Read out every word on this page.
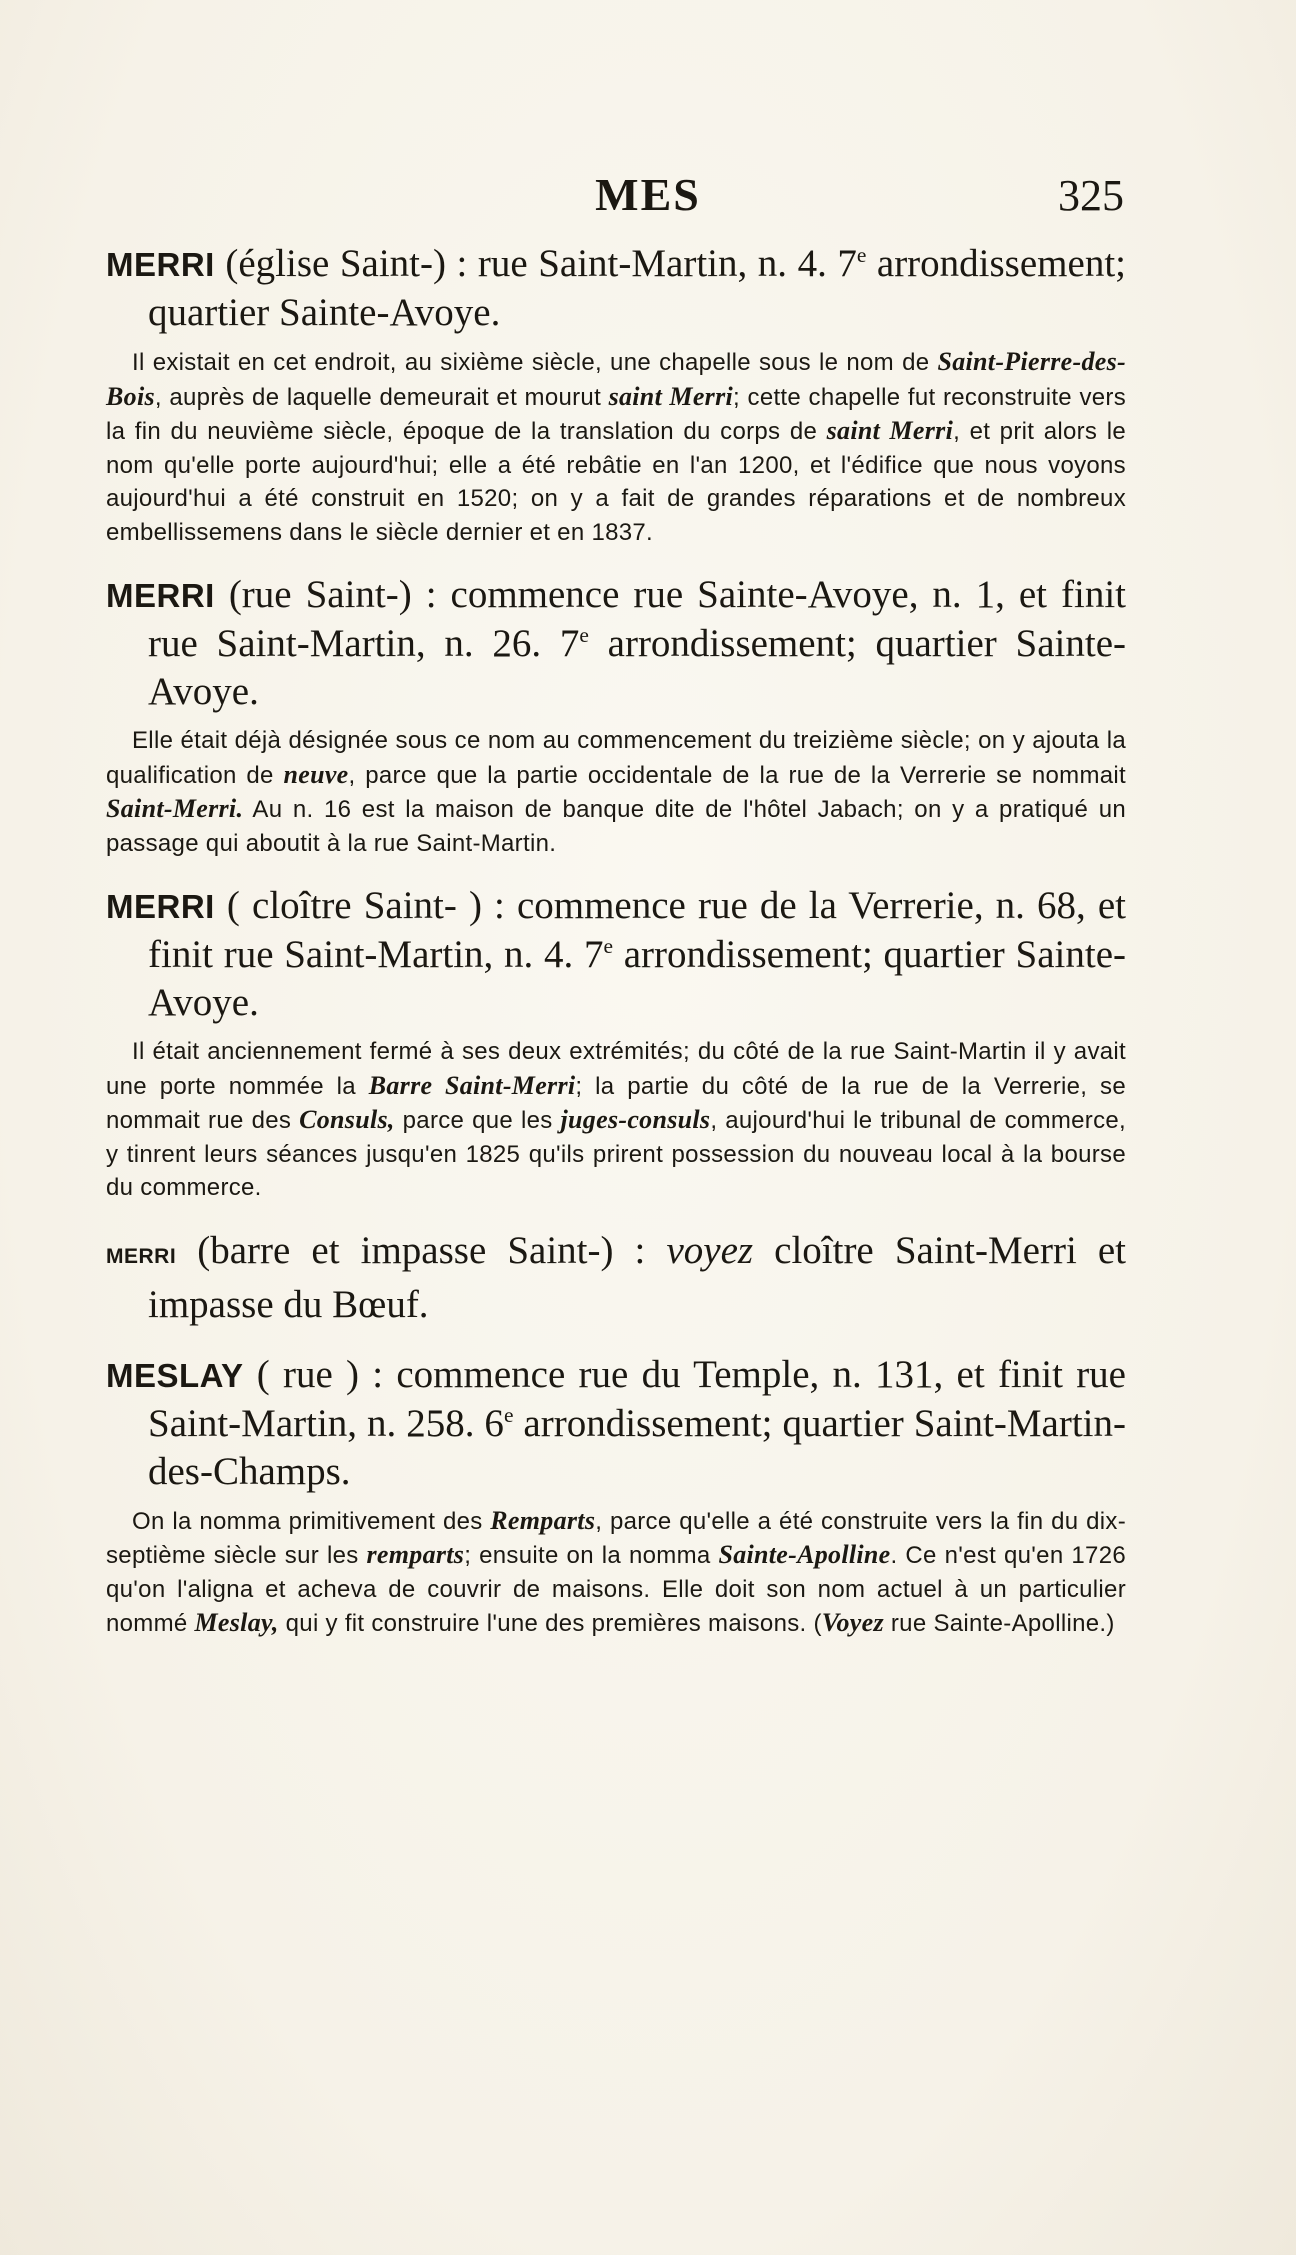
MES	325
MERRI (église Saint-) : rue Saint-Martin, n. 4. 7e arrondissement; quartier Sainte-Avoye.
Il existait en cet endroit, au sixième siècle, une chapelle sous le nom de Saint-Pierre-des-Bois, auprès de laquelle demeurait et mourut saint Merri; cette chapelle fut reconstruite vers la fin du neuvième siècle, époque de la translation du corps de saint Merri, et prit alors le nom qu'elle porte aujourd'hui; elle a été rebâtie en l'an 1200, et l'édifice que nous voyons aujourd'hui a été construit en 1520; on y a fait de grandes réparations et de nombreux embellissemens dans le siècle dernier et en 1837.
MERRI (rue Saint-) : commence rue Sainte-Avoye, n. 1, et finit rue Saint-Martin, n. 26. 7e arrondissement; quartier Sainte-Avoye.
Elle était déjà désignée sous ce nom au commencement du treizième siècle; on y ajouta la qualification de neuve, parce que la partie occidentale de la rue de la Verrerie se nommait Saint-Merri. Au n. 16 est la maison de banque dite de l'hôtel Jabach; on y a pratiqué un passage qui aboutit à la rue Saint-Martin.
MERRI ( cloître Saint- ) : commence rue de la Verrerie, n. 68, et finit rue Saint-Martin, n. 4. 7e arrondissement; quartier Sainte-Avoye.
Il était anciennement fermé à ses deux extrémités; du côté de la rue Saint-Martin il y avait une porte nommée la Barre Saint-Merri; la partie du côté de la rue de la Verrerie, se nommait rue des Consuls, parce que les juges-consuls, aujourd'hui le tribunal de commerce, y tinrent leurs séances jusqu'en 1825 qu'ils prirent possession du nouveau local à la bourse du commerce.
MERRI (barre et impasse Saint-) : voyez cloître Saint-Merri et impasse du Bœuf.
MESLAY ( rue ) : commence rue du Temple, n. 131, et finit rue Saint-Martin, n. 258. 6e arrondissement; quartier Saint-Martin-des-Champs.
On la nomma primitivement des Remparts, parce qu'elle a été construite vers la fin du dix-septième siècle sur les remparts; ensuite on la nomma Sainte-Apolline. Ce n'est qu'en 1726 qu'on l'aligna et acheva de couvrir de maisons. Elle doit son nom actuel à un particulier nommé Meslay, qui y fit construire l'une des premières maisons. (Voyez rue Sainte-Apolline.)
